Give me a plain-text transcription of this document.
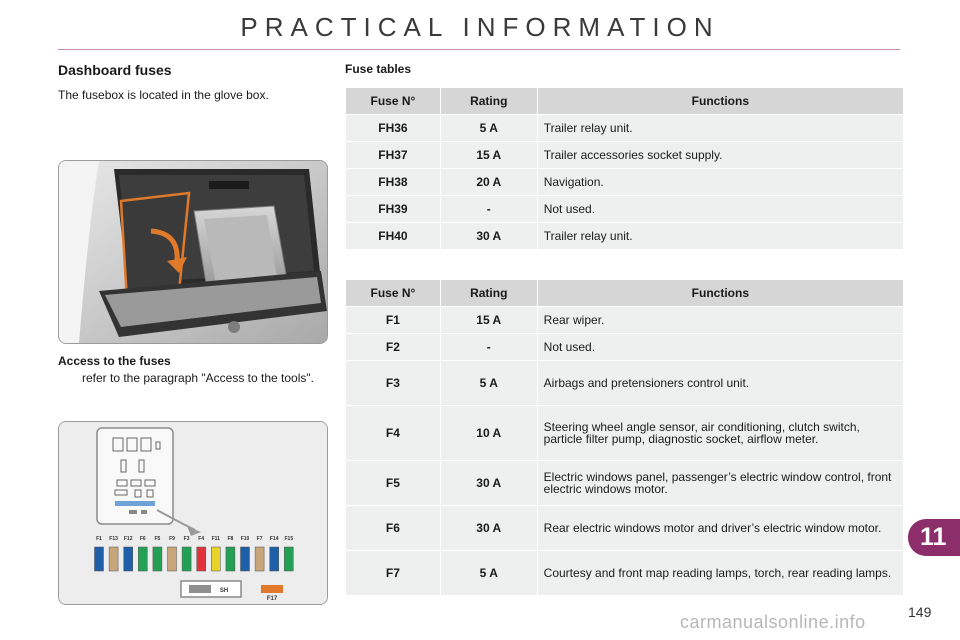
PRACTICAL INFORMATION
Dashboard fuses
The fusebox is located in the glove box.
Access to the fuses
refer to the paragraph "Access to the tools".
F1 F13 F12 F6 F5 F9 F3 F4 F11 F8 F10 F7 F14 F15
SH
F17
Fuse tables
Fuse N°	Rating	Functions
FH36	5 A	Trailer relay unit.
FH37	15 A	Trailer accessories socket supply.
FH38	20 A	Navigation.
FH39	-	Not used.
FH40	30 A	Trailer relay unit.
Fuse N°	Rating	Functions
F1	15 A	Rear wiper.
F2	-	Not used.
F3	5 A	Airbags and pretensioners control unit.
F4	10 A	Steering wheel angle sensor, air conditioning, clutch switch, particle filter pump, diagnostic socket, airflow meter.
F5	30 A	Electric windows panel, passenger’s electric window control, front electric windows motor.
F6	30 A	Rear electric windows motor and driver’s electric window motor.
F7	5 A	Courtesy and front map reading lamps, torch, rear reading lamps.
11
149
carmanualsonline.info
